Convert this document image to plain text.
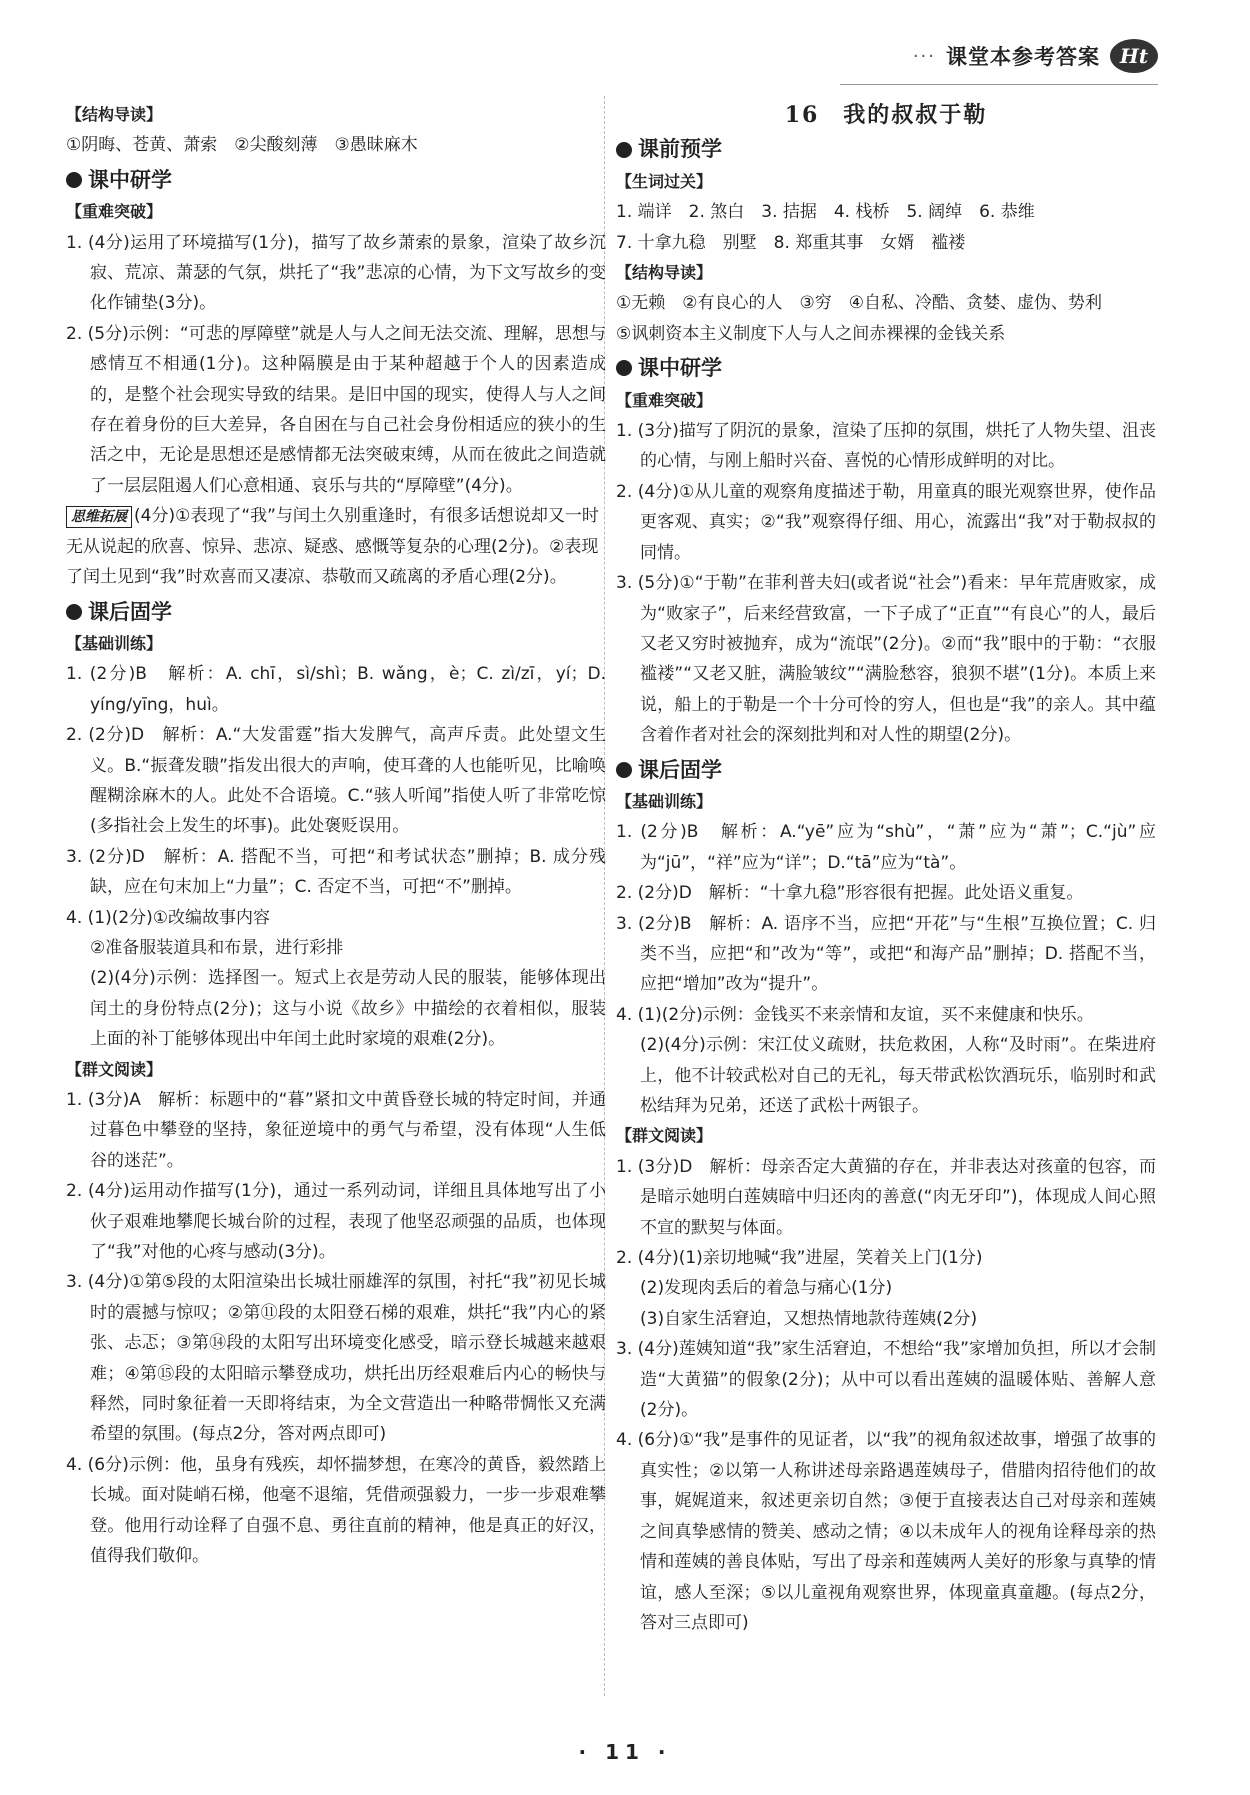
··· 课堂本参考答案 Ht

【结构导读】

①阴晦、苍黄、萧索　②尖酸刻薄　③愚昧麻木

课中研学

【重难突破】

1. (4分)运用了环境描写(1分)，描写了故乡萧索的景象，渲染了故乡沉寂、荒凉、萧瑟的气氛，烘托了“我”悲凉的心情，为下文写故乡的变化作铺垫(3分)。

2. (5分)示例：“可悲的厚障壁”就是人与人之间无法交流、理解，思想与感情互不相通(1分)。这种隔膜是由于某种超越于个人的因素造成的，是整个社会现实导致的结果。是旧中国的现实，使得人与人之间存在着身份的巨大差异，各自困在与自己社会身份相适应的狭小的生活之中，无论是思想还是感情都无法突破束缚，从而在彼此之间造就了一层层阻遏人们心意相通、哀乐与共的“厚障壁”(4分)。

思维拓展 (4分)①表现了“我”与闰土久别重逢时，有很多话想说却又一时无从说起的欣喜、惊异、悲凉、疑惑、感慨等复杂的心理(2分)。②表现了闰土见到“我”时欢喜而又凄凉、恭敬而又疏离的矛盾心理(2分)。

课后固学

【基础训练】

1. (2分)B　解析：A. chī，sì/shì；B. wǎng，è；C. zì/zī，yí；D. yíng/yīng，huì。

2. (2分)D　解析：A.“大发雷霆”指大发脾气，高声斥责。此处望文生义。B.“振聋发聩”指发出很大的声响，使耳聋的人也能听见，比喻唤醒糊涂麻木的人。此处不合语境。C.“骇人听闻”指使人听了非常吃惊(多指社会上发生的坏事)。此处褒贬误用。

3. (2分)D　解析：A. 搭配不当，可把“和考试状态”删掉；B. 成分残缺，应在句末加上“力量”；C. 否定不当，可把“不”删掉。

4. (1)(2分)①改编故事内容

②准备服装道具和布景，进行彩排

(2)(4分)示例：选择图一。短式上衣是劳动人民的服装，能够体现出闰土的身份特点(2分)；这与小说《故乡》中描绘的衣着相似，服装上面的补丁能够体现出中年闰土此时家境的艰难(2分)。

【群文阅读】

1. (3分)A　解析：标题中的“暮”紧扣文中黄昏登长城的特定时间，并通过暮色中攀登的坚持，象征逆境中的勇气与希望，没有体现“人生低谷的迷茫”。

2. (4分)运用动作描写(1分)，通过一系列动词，详细且具体地写出了小伙子艰难地攀爬长城台阶的过程，表现了他坚忍顽强的品质，也体现了“我”对他的心疼与感动(3分)。

3. (4分)①第⑤段的太阳渲染出长城壮丽雄浑的氛围，衬托“我”初见长城时的震撼与惊叹；②第⑪段的太阳登石梯的艰难，烘托“我”内心的紧张、忐忑；③第⑭段的太阳写出环境变化感受，暗示登长城越来越艰难；④第⑮段的太阳暗示攀登成功，烘托出历经艰难后内心的畅快与释然，同时象征着一天即将结束，为全文营造出一种略带惆怅又充满希望的氛围。(每点2分，答对两点即可)

4. (6分)示例：他，虽身有残疾，却怀揣梦想，在寒冷的黄昏，毅然踏上长城。面对陡峭石梯，他毫不退缩，凭借顽强毅力，一步一步艰难攀登。他用行动诠释了自强不息、勇往直前的精神，他是真正的好汉，值得我们敬仰。

16　我的叔叔于勒

课前预学

【生词过关】

1. 端详　2. 煞白　3. 拮据　4. 栈桥　5. 阔绰　6. 恭维

7. 十拿九稳　别墅　8. 郑重其事　女婿　褴褛

【结构导读】

①无赖　②有良心的人　③穷　④自私、冷酷、贪婪、虚伪、势利

⑤讽刺资本主义制度下人与人之间赤裸裸的金钱关系

课中研学

【重难突破】

1. (3分)描写了阴沉的景象，渲染了压抑的氛围，烘托了人物失望、沮丧的心情，与刚上船时兴奋、喜悦的心情形成鲜明的对比。

2. (4分)①从儿童的观察角度描述于勒，用童真的眼光观察世界，使作品更客观、真实；②“我”观察得仔细、用心，流露出“我”对于勒叔叔的同情。

3. (5分)①“于勒”在菲利普夫妇(或者说“社会”)看来：早年荒唐败家，成为“败家子”，后来经营致富，一下子成了“正直”“有良心”的人，最后又老又穷时被抛弃，成为“流氓”(2分)。②而“我”眼中的于勒：“衣服褴褛”“又老又脏，满脸皱纹”“满脸愁容，狼狈不堪”(1分)。本质上来说，船上的于勒是一个十分可怜的穷人，但也是“我”的亲人。其中蕴含着作者对社会的深刻批判和对人性的期望(2分)。

课后固学

【基础训练】

1. (2分)B　解析：A.“yē”应为“shù”，“萧”应为“萧”；C.“jù”应为“jū”，“祥”应为“详”；D.“tā”应为“tà”。

2. (2分)D　解析：“十拿九稳”形容很有把握。此处语义重复。

3. (2分)B　解析：A. 语序不当，应把“开花”与“生根”互换位置；C. 归类不当，应把“和”改为“等”，或把“和海产品”删掉；D. 搭配不当，应把“增加”改为“提升”。

4. (1)(2分)示例：金钱买不来亲情和友谊，买不来健康和快乐。

(2)(4分)示例：宋江仗义疏财，扶危救困，人称“及时雨”。在柴进府上，他不计较武松对自己的无礼，每天带武松饮酒玩乐，临别时和武松结拜为兄弟，还送了武松十两银子。

【群文阅读】

1. (3分)D　解析：母亲否定大黄猫的存在，并非表达对孩童的包容，而是暗示她明白莲姨暗中归还肉的善意(“肉无牙印”)，体现成人间心照不宣的默契与体面。

2. (4分)(1)亲切地喊“我”进屋，笑着关上门(1分)

(2)发现肉丢后的着急与痛心(1分)

(3)自家生活窘迫，又想热情地款待莲姨(2分)

3. (4分)莲姨知道“我”家生活窘迫，不想给“我”家增加负担，所以才会制造“大黄猫”的假象(2分)；从中可以看出莲姨的温暖体贴、善解人意(2分)。

4. (6分)①“我”是事件的见证者，以“我”的视角叙述故事，增强了故事的真实性；②以第一人称讲述母亲路遇莲姨母子，借腊肉招待他们的故事，娓娓道来，叙述更亲切自然；③便于直接表达自己对母亲和莲姨之间真挚感情的赞美、感动之情；④以未成年人的视角诠释母亲的热情和莲姨的善良体贴，写出了母亲和莲姨两人美好的形象与真挚的情谊，感人至深；⑤以儿童视角观察世界，体现童真童趣。(每点2分，答对三点即可)

· 11 ·
